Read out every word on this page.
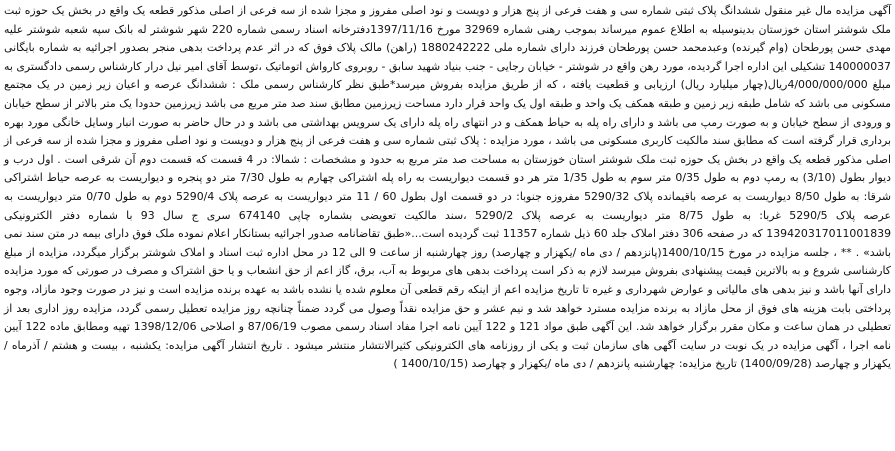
آگهی مزایده مال غیر منقول ششدانگ پلاک ثبتی شماره سی و هفت فرعی از پنج هزار و دویست و نود اصلی مفروز و مجزا شده از سه فرعی از اصلی مذکور قطعه یک واقع در بخش یک حوزه ثبت ملک شوشتر استان خوزستان بدینوسیله به اطلاع عموم میرساند بموجب رهنی شماره 32969 مورخ 1397/11/16دفترخانه اسناد رسمی شماره 220 شهر شوشتر له بانک سپه شعبه شوشتر علیه مهدی حسن پورطحان (وام گیرنده) وعبدمحمد حسن پورطحان فرزند دارای شماره ملی 1880242222 (راهن) مالک پلاک فوق که در اثر عدم پرداخت بدهی منجر بصدور اجرائیه به شماره بایگانی 140000037 تشکیلی این اداره اجرا گردیده، مورد رهن واقع در شوشتر - خیابان رجایی - جنب بنیاد شهید سابق - روبروی کارواش اتوماتیک ،توسط آقای امیر نیل درار کارشناس رسمی دادگستری به مبلغ 4/000/000/000ریال(چهار میلیارد ریال) ارزیابی و قطعیت یافته ، که از طریق مزایده بفروش میرسد*طبق نظر کارشناس رسمی ملک : ششدانگ عرصه و اعیان زیر زمین در یک مجتمع مسکونی می باشد که شامل طبقه زیر زمین و طبقه همکف یک واحد و طبقه اول یک واحد قرار دارد مساحت زیرزمین مطابق سند صد متر مربع می باشد زیرزمین حدودا یک متر بالاتر از سطح خیابان و ورودی از سطح خیابان و به صورت رمپ می باشد و دارای راه پله به حیاط همکف و در انتهای راه پله دارای یک سرویس بهداشتی می باشد و در حال حاضر به صورت انبار وسایل خانگی مورد بهره برداری قرار گرفته است که مطابق سند مالکیت کاربری مسکونی می باشد ، مورد مزایده : پلاک ثبتی شماره سی و هفت فرعی از پنج هزار و دویست و نود اصلی مفروز و مجزا شده از سه فرعی از اصلی مذکور قطعه یک واقع در بخش یک حوزه ثبت ملک شوشتر استان خوزستان به مساحت صد متر مربع به حدود و مشخصات : شمالا: در 4 قسمت که قسمت دوم آن شرقی است . اول درب و دیوار بطول (3/10) به رمپ دوم به طول 0/35 متر سوم به طول 1/35 متر هر دو قسمت دیواریست به راه پله اشتراکی چهارم به طول 7/30 متر دو پنجره و دیواریست به عرصه حیاط اشتراکی شرقا: به طول 8/50 دیواریست به عرصه باقیمانده پلاک 5290/32 مفروزه جنوبا: در دو قسمت اول بطول 60 / 11 متر دیواریست به عرصه پلاک 5290/4 دوم به طول 0/70 متر دیواریست به عرصه پلاک 5290/5 غربا: به طول 8/75 متر دیواریست به عرصه پلاک 5290/2 ،سند مالکیت تعویضی بشماره چاپی 674140 سری ج سال 93 با شماره دفتر الکترونیکی 139420317011001839 که در صفحه 306 دفتر املاک جلد 60 ذیل شماره 11357 ثبت گردیده است...«طبق تقاضانامه صدور اجرائیه بستانکار اعلام نموده ملک فوق دارای بیمه در متن سند نمی باشد» . ** ، جلسه مزایده در مورخ 1400/10/15(پانزدهم / دی ماه /یکهزار و چهارصد) روز چهارشنبه از ساعت 9 الی 12 در محل اداره ثبت اسناد و املاک شوشتر برگزار میگردد، مزایده از مبلغ کارشناسی شروع و به بالاترین قیمت پیشنهادی بفروش میرسد لازم به ذکر است پرداخت بدهی های مربوط به آب، برق، گاز اعم از حق انشعاب و یا حق اشتراک و مصرف در صورتی که مورد مزایده دارای آنها باشد و نیز بدهی های مالیاتی و عوارض شهرداری و غیره تا تاریخ مزایده اعم از اینکه رقم قطعی آن معلوم شده یا نشده باشد به عهده برنده مزایده است و نیز در صورت وجود مازاد، وجوه پرداختی بابت هزینه های فوق از محل مازاد به برنده مزایده مسترد خواهد شد و نیم عشر و حق مزایده نقداً وصول می گردد ضمناً چنانچه روز مزایده تعطیل رسمی گردد، مزایده روز اداری بعد از تعطیلی در همان ساعت و مکان مقرر برگزار خواهد شد. این آگهی طبق مواد 121 و 122 آیین نامه اجرا مفاد اسناد رسمی مصوب 87/06/19 و اصلاحی 1398/12/06 تهیه ومطابق ماده 122 آیین نامه اجرا ، آگهی مزایده در یک نوبت در سایت آگهی های سازمان ثبت و یکی از روزنامه های الکترونیکی کثیرالانتشار منتشر میشود . تاریخ انتشار آگهی مزایده: یکشنبه ، بیست و هشتم / آذرماه / یکهزار و چهارصد (1400/09/28) تاریخ مزایده: چهارشنبه پانزدهم / دی ماه /یکهزار و چهارصد (1400/10/15 )
